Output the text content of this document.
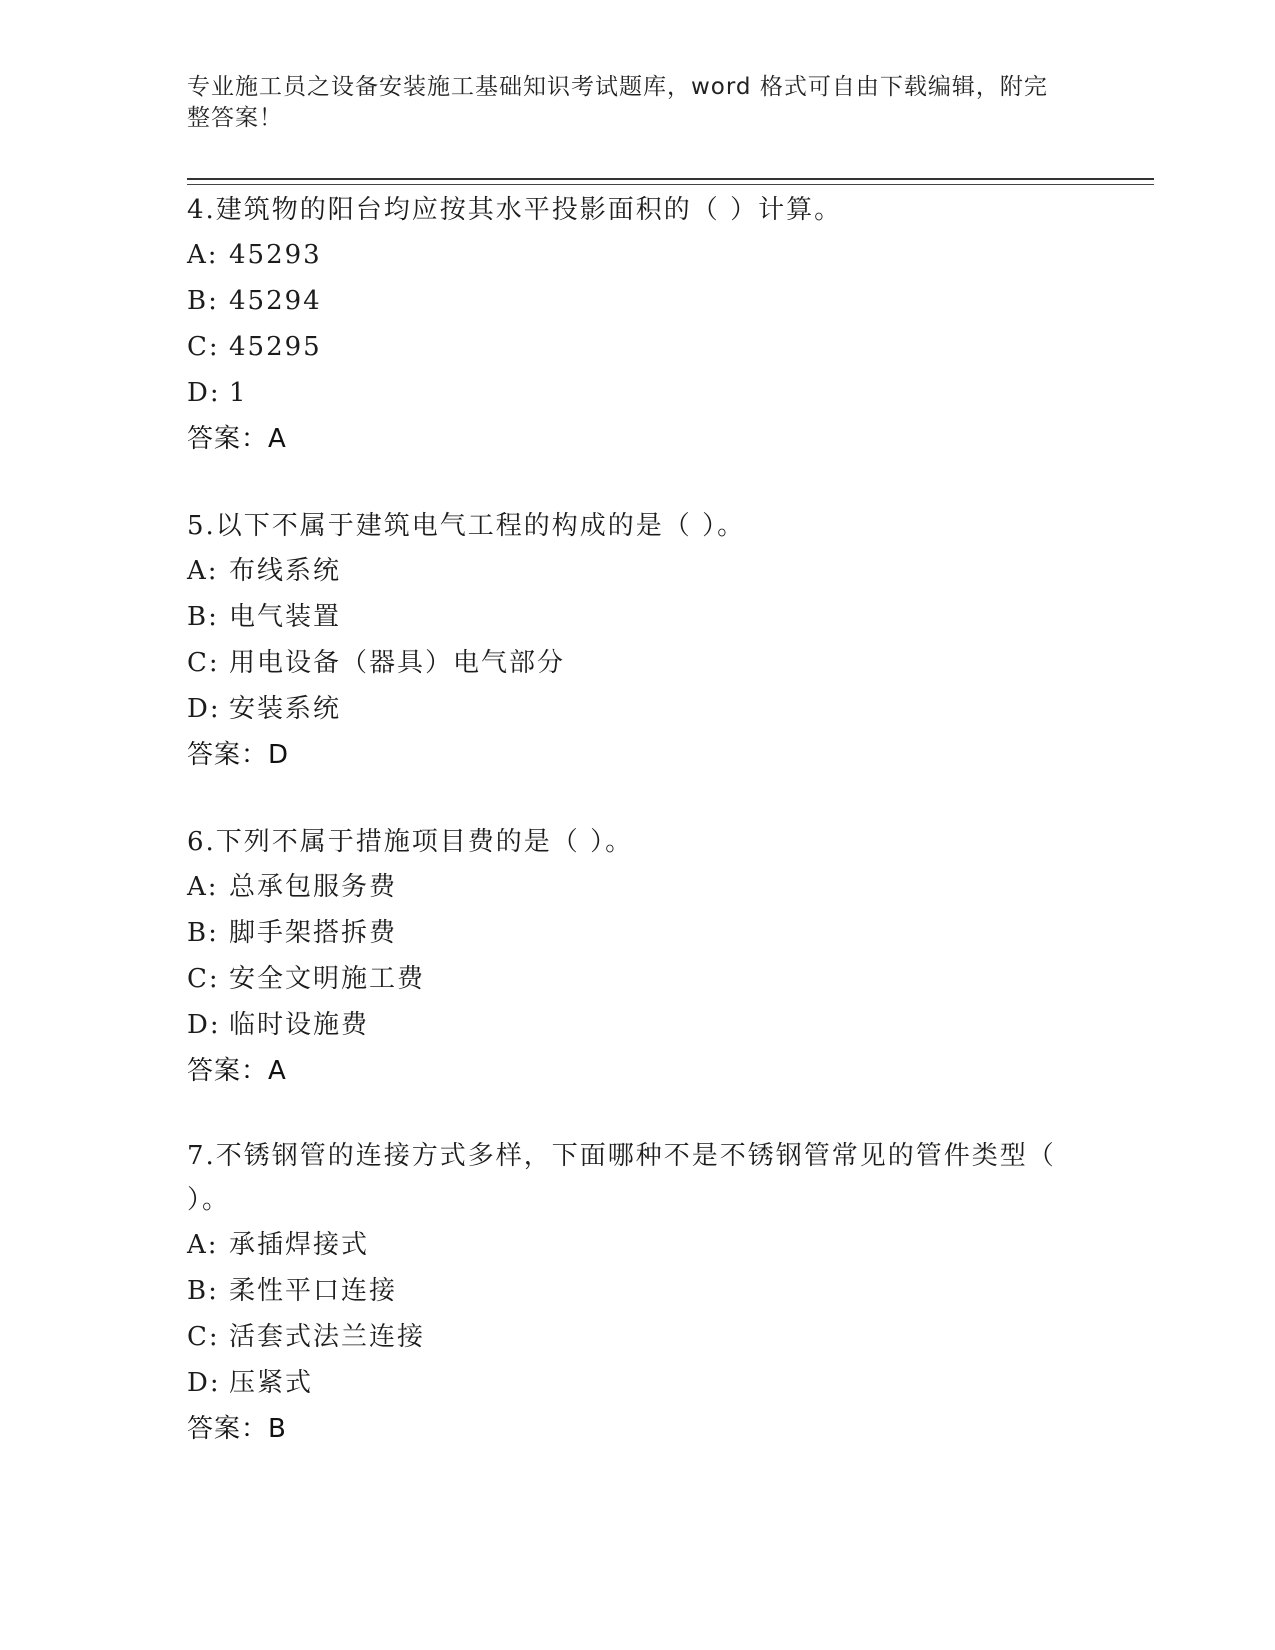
专业施工员之设备安装施工基础知识考试题库，word 格式可自由下载编辑，附完整答案！

4.建筑物的阳台均应按其水平投影面积的（ ）计算。

A: 45293

B: 45294

C: 45295

D: 1

答案：A

5.以下不属于建筑电气工程的构成的是（ ）。

A: 布线系统

B: 电气装置

C: 用电设备（器具）电气部分

D: 安装系统

答案：D

6.下列不属于措施项目费的是（ ）。

A: 总承包服务费

B: 脚手架搭拆费

C: 安全文明施工费

D: 临时设施费

答案：A

7.不锈钢管的连接方式多样，下面哪种不是不锈钢管常见的管件类型（ ）。

A: 承插焊接式

B: 柔性平口连接

C: 活套式法兰连接

D: 压紧式

答案：B
